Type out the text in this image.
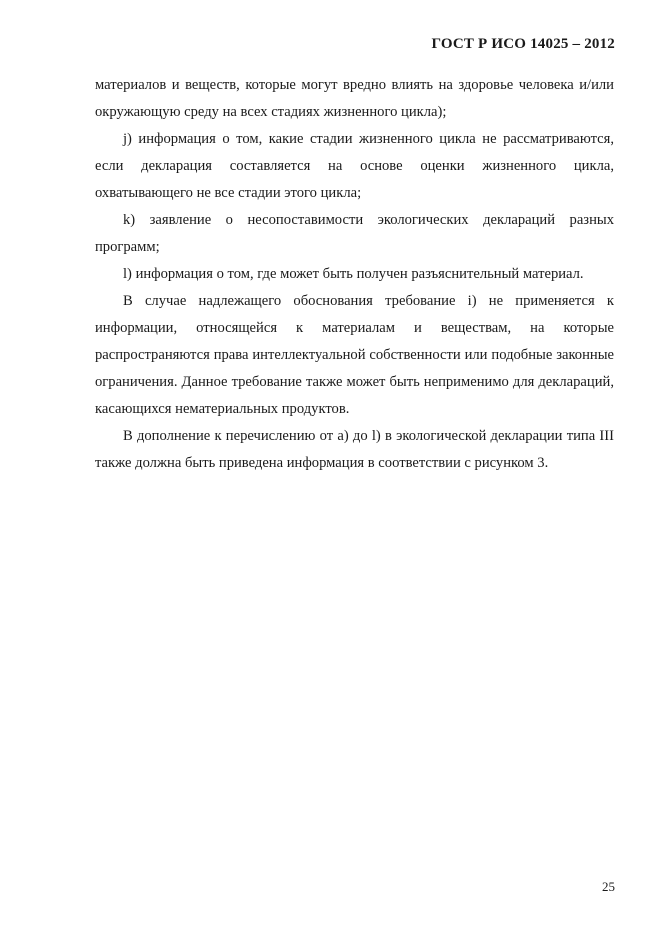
ГОСТ Р ИСО 14025 – 2012

материалов и веществ, которые могут вредно влиять на здоровье человека и/или окружающую среду на всех стадиях жизненного цикла);

j) информация о том, какие стадии жизненного цикла не рассматриваются, если декларация составляется на основе оценки жизненного цикла, охватывающего не все стадии этого цикла;

k) заявление о несопоставимости экологических деклараций разных программ;

l) информация о том, где может быть получен разъяснительный материал.

В случае надлежащего обоснования требование i) не применяется к информации, относящейся к материалам и веществам, на которые распространяются права интеллектуальной собственности или подобные законные ограничения. Данное требование также может быть неприменимо для деклараций, касающихся нематериальных продуктов.

В дополнение к перечислению от a) до l) в экологической декларации типа III также должна быть приведена информация в соответствии с рисунком 3.

25
